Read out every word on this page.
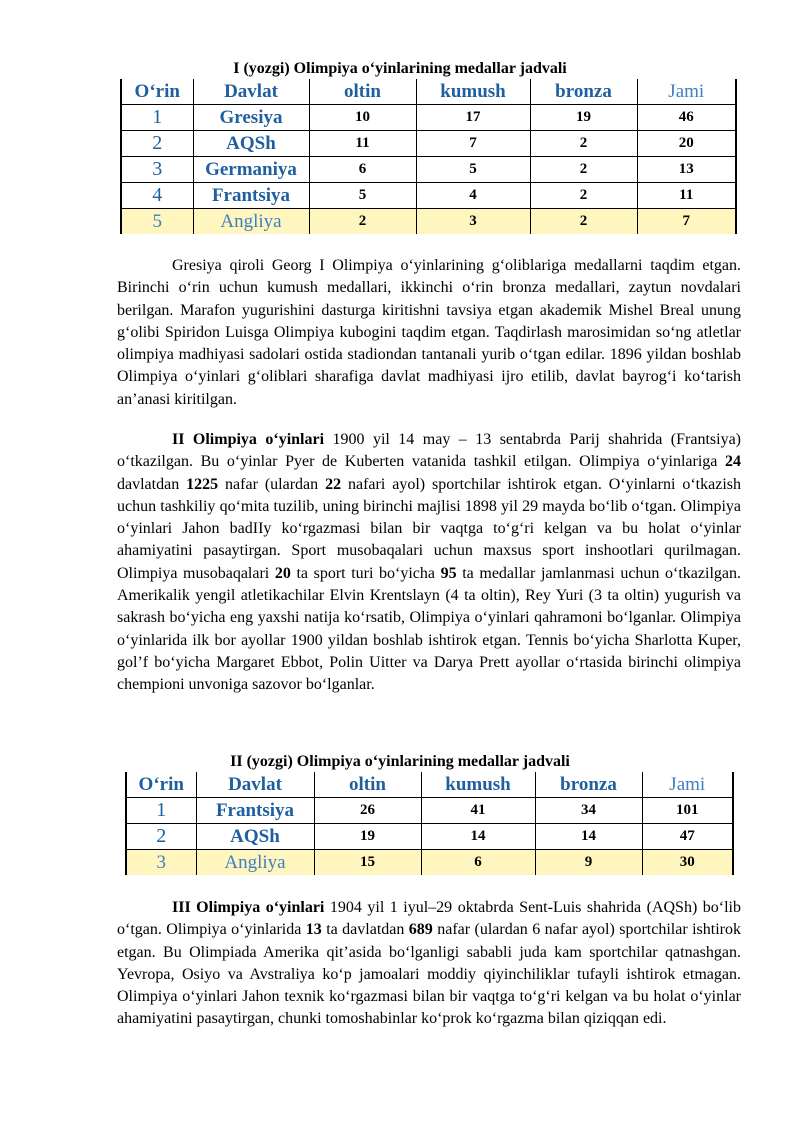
I (yozgi) Olimpiya o‘yinlarining medallar jadvali
O‘rin	Davlat	oltin	kumush	bronza	Jami
1	Gresiya	10	17	19	46
2	AQSh	11	7	2	20
3	Germaniya	6	5	2	13
4	Frantsiya	5	4	2	11
5	Angliya	2	3	2	7

Gresiya qiroli Georg I Olimpiya o‘yinlarining g‘oliblariga medallarni taqdim etgan. Birinchi o‘rin uchun kumush medallari, ikkinchi o‘rin bronza medallari, zaytun novdalari berilgan. Marafon yugurishini dasturga kiritishni tavsiya etgan akademik Mishel Breal unung g‘olibi Spiridon Luisga Olimpiya kubogini taqdim etgan. Taqdirlash marosimidan so‘ng atletlar olimpiya madhiyasi sadolari ostida stadiondan tantanali yurib o‘tgan edilar. 1896 yildan boshlab Olimpiya o‘yinlari g‘oliblari sharafiga davlat madhiyasi ijro etilib, davlat bayrog‘i ko‘tarish an’anasi kiritilgan.

II Olimpiya o‘yinlari 1900 yil 14 may – 13 sentabrda Parij shahrida (Frantsiya) o‘tkazilgan. Bu o‘yinlar Pyer de Kuberten vatanida tashkil etilgan. Olimpiya o‘yinlariga 24 davlatdan 1225 nafar (ulardan 22 nafari ayol) sportchilar ishtirok etgan. O‘yinlarni o‘tkazish uchun tashkiliy qo‘mita tuzilib, uning birinchi majlisi 1898 yil 29 mayda bo‘lib o‘tgan. Olimpiya o‘yinlari Jahon badIIy ko‘rgazmasi bilan bir vaqtga to‘g‘ri kelgan va bu holat o‘yinlar ahamiyatini pasaytirgan. Sport musobaqalari uchun maxsus sport inshootlari qurilmagan. Olimpiya musobaqalari 20 ta sport turi bo‘yicha 95 ta medallar jamlanmasi uchun o‘tkazilgan. Amerikalik yengil atletikachilar Elvin Krentslayn (4 ta oltin), Rey Yuri (3 ta oltin) yugurish va sakrash bo‘yicha eng yaxshi natija ko‘rsatib, Olimpiya o‘yinlari qahramoni bo‘lganlar. Olimpiya o‘yinlarida ilk bor ayollar 1900 yildan boshlab ishtirok etgan. Tennis bo‘yicha Sharlotta Kuper, gol’f bo‘yicha Margaret Ebbot, Polin Uitter va Darya Prett ayollar o‘rtasida birinchi olimpiya chempioni unvoniga sazovor bo‘lganlar.

II (yozgi) Olimpiya o‘yinlarining medallar jadvali
O‘rin	Davlat	oltin	kumush	bronza	Jami
1	Frantsiya	26	41	34	101
2	AQSh	19	14	14	47
3	Angliya	15	6	9	30

III Olimpiya o‘yinlari 1904 yil 1 iyul–29 oktabrda Sent-Luis shahrida (AQSh) bo‘lib o‘tgan. Olimpiya o‘yinlarida 13 ta davlatdan 689 nafar (ulardan 6 nafar ayol) sportchilar ishtirok etgan. Bu Olimpiada Amerika qit’asida bo‘lganligi sababli juda kam sportchilar qatnashgan. Yevropa, Osiyo va Avstraliya ko‘p jamoalari moddiy qiyinchiliklar tufayli ishtirok etmagan. Olimpiya o‘yinlari Jahon texnik ko‘rgazmasi bilan bir vaqtga to‘g‘ri kelgan va bu holat o‘yinlar ahamiyatini pasaytirgan, chunki tomoshabinlar ko‘prok ko‘rgazma bilan qiziqqan edi.
